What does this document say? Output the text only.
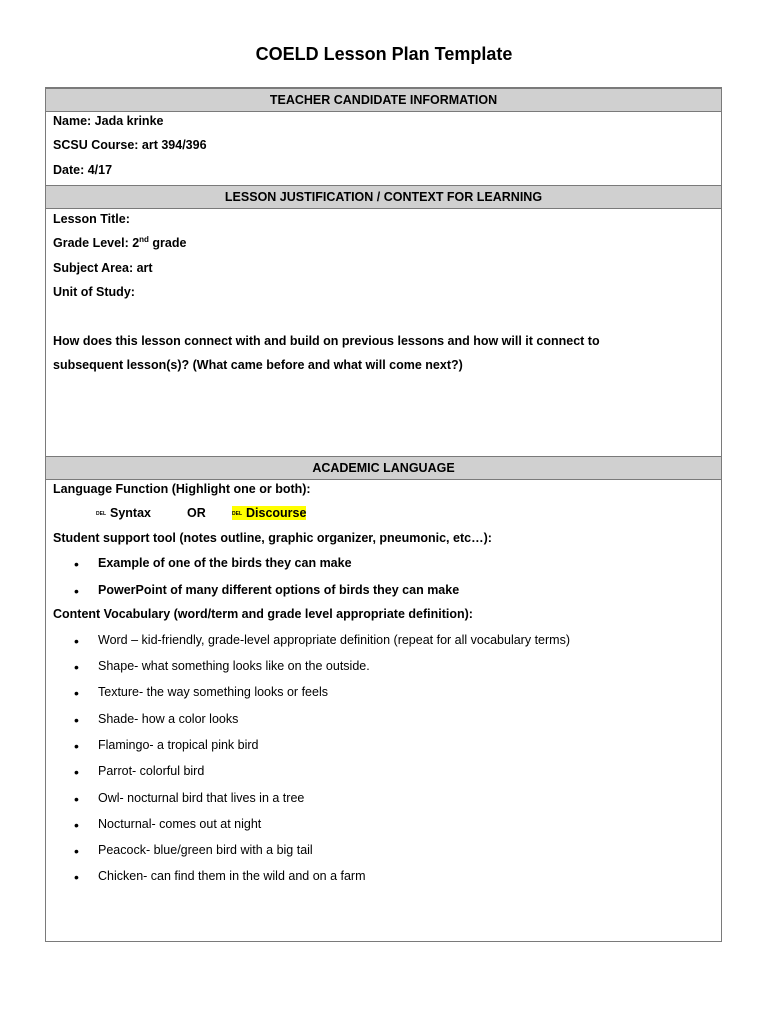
COELD Lesson Plan Template
TEACHER CANDIDATE INFORMATION
Name: Jada krinke
SCSU Course: art 394/396
Date: 4/17
LESSON JUSTIFICATION / CONTEXT FOR LEARNING
Lesson Title:
Grade Level: 2nd grade
Subject Area: art
Unit of Study:
How does this lesson connect with and build on previous lessons and how will it connect to
subsequent lesson(s)? (What came before and what will come next?)
ACADEMIC LANGUAGE
Language Function (Highlight one or both):
DEL Syntax	OR	DEL Discourse
Student support tool (notes outline, graphic organizer, pneumonic, etc…):
• Example of one of the birds they can make
• PowerPoint of many different options of birds they can make
Content Vocabulary (word/term and grade level appropriate definition):
• Word – kid-friendly, grade-level appropriate definition (repeat for all vocabulary terms)
• Shape- what something looks like on the outside.
• Texture- the way something looks or feels
• Shade- how a color looks
• Flamingo- a tropical pink bird
• Parrot- colorful bird
• Owl- nocturnal bird that lives in a tree
• Nocturnal- comes out at night
• Peacock- blue/green bird with a big tail
• Chicken- can find them in the wild and on a farm
